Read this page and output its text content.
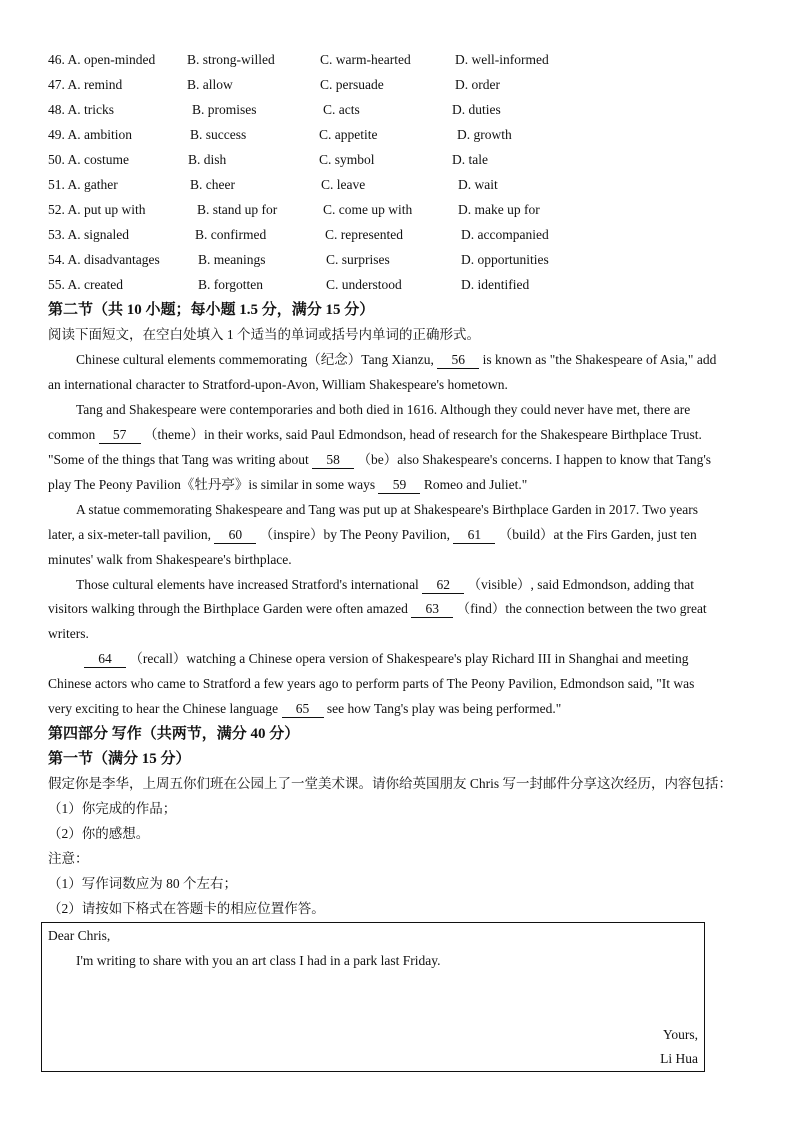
46. A. open-minded B. strong-willed	C. warm-hearted	D. well-informed
47. A. remind	B. allow	C. persuade	D. order
48. A. tricks	B. promises	C. acts	D. duties
49. A. ambition	B. success	C. appetite	D. growth
50. A. costume	B. dish	C. symbol	D. tale
51. A. gather	B. cheer	C. leave	D. wait
52. A. put up with	B. stand up for	C. come up with	D. make up for
53. A. signaled	B. confirmed	C. represented	D. accompanied
54. A. disadvantages	B. meanings	C. surprises	D. opportunities
55. A. created	B. forgotten	C. understood	D. identified
第二节（共 10 小题；每小题 1.5 分，满分 15 分）
阅读下面短文，在空白处填入 1 个适当的单词或括号内单词的正确形式。
Chinese cultural elements commemorating（纪念）Tang Xianzu, 56 is known as "the Shakespeare of Asia," add
an international character to Stratford-upon-Avon, William Shakespeare's hometown.
Tang and Shakespeare were contemporaries and both died in 1616. Although they could never have met, there are
common 57 （theme）in their works, said Paul Edmondson, head of research for the Shakespeare Birthplace Trust.
"Some of the things that Tang was writing about 58 （be）also Shakespeare's concerns. I happen to know that Tang's
play The Peony Pavilion《牡丹亭》is similar in some ways 59 Romeo and Juliet."
A statue commemorating Shakespeare and Tang was put up at Shakespeare's Birthplace Garden in 2017. Two years
later, a six-meter-tall pavilion, 60 （inspire）by The Peony Pavilion, 61 （build）at the Firs Garden, just ten
minutes' walk from Shakespeare's birthplace.
Those cultural elements have increased Stratford's international 62 （visible）, said Edmondson, adding that
visitors walking through the Birthplace Garden were often amazed 63 （find）the connection between the two great
writers.
64 （recall）watching a Chinese opera version of Shakespeare's play Richard III in Shanghai and meeting
Chinese actors who came to Stratford a few years ago to perform parts of The Peony Pavilion, Edmondson said, "It was
very exciting to hear the Chinese language 65 see how Tang's play was being performed."
第四部分 写作（共两节，满分 40 分）
第一节（满分 15 分）
假定你是李华，上周五你们班在公园上了一堂美术课。请你给英国朋友 Chris 写一封邮件分享这次经历，内容包括：
（1）你完成的作品；
（2）你的感想。
注意：
（1）写作词数应为 80 个左右；
（2）请按如下格式在答题卡的相应位置作答。
Dear Chris,
I'm writing to share with you an art class I had in a park last Friday.
Yours,
Li Hua
